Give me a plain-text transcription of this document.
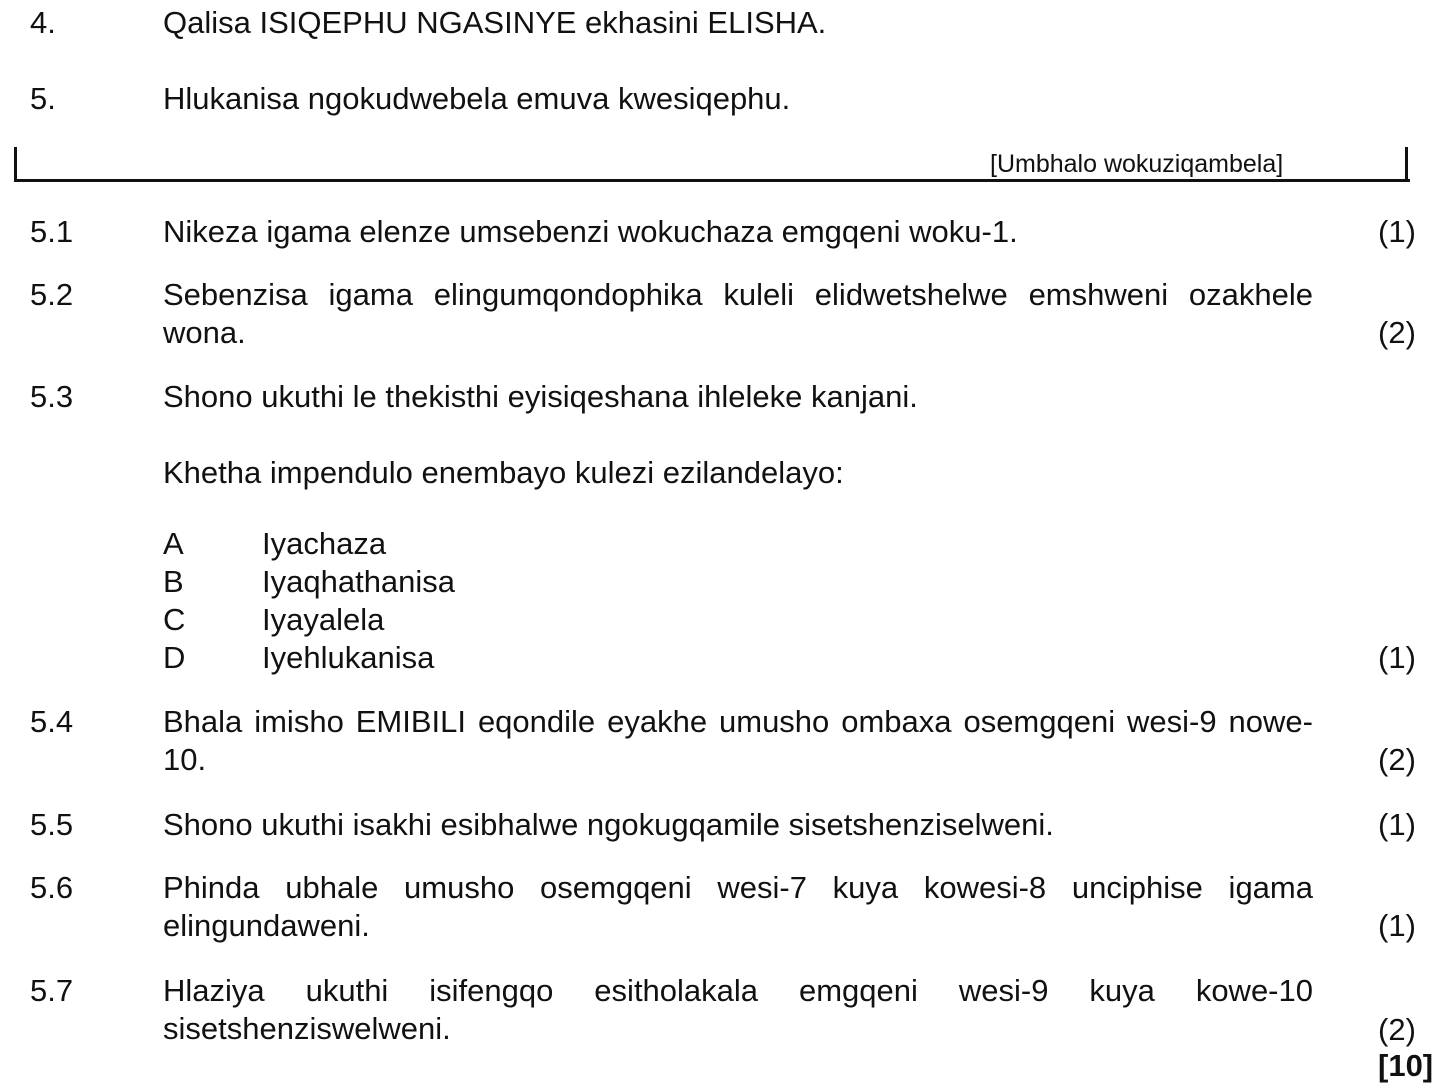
4.	Qalisa ISIQEPHU NGASINYE ekhasini ELISHA.
5.	Hlukanisa ngokudwebela emuva kwesiqephu.
[Umbhalo wokuziqambela]
5.1	Nikeza igama elenze umsebenzi wokuchaza emgqeni woku-1.	(1)
5.2	Sebenzisa igama elingumqondophika kuleli elidwetshelwe emshweni ozakhele wona.	(2)
5.3	Shono ukuthi le thekisthi eyisiqeshana ihleleke kanjani.
Khetha impendulo enembayo kulezi ezilandelayo:
A	Iyachaza
B	Iyaqhathanisa
C Iyayalela
D Iyehlukanisa	(1)
5.4	Bhala imisho EMIBILI eqondile eyakhe umusho ombaxa osemgqeni wesi-9 nowe-10.	(2)
5.5	Shono ukuthi isakhi esibhalwe ngokugqamile sisetshenziselweni.	(1)
5.6	Phinda ubhale umusho osemgqeni wesi-7 kuya kowesi-8 unciphise igama elingundaweni.	(1)
5.7	Hlaziya ukuthi isifengqo esitholakala emgqeni wesi-9 kuya kowe-10 sisetshenziswelweni.	(2)
[10]
